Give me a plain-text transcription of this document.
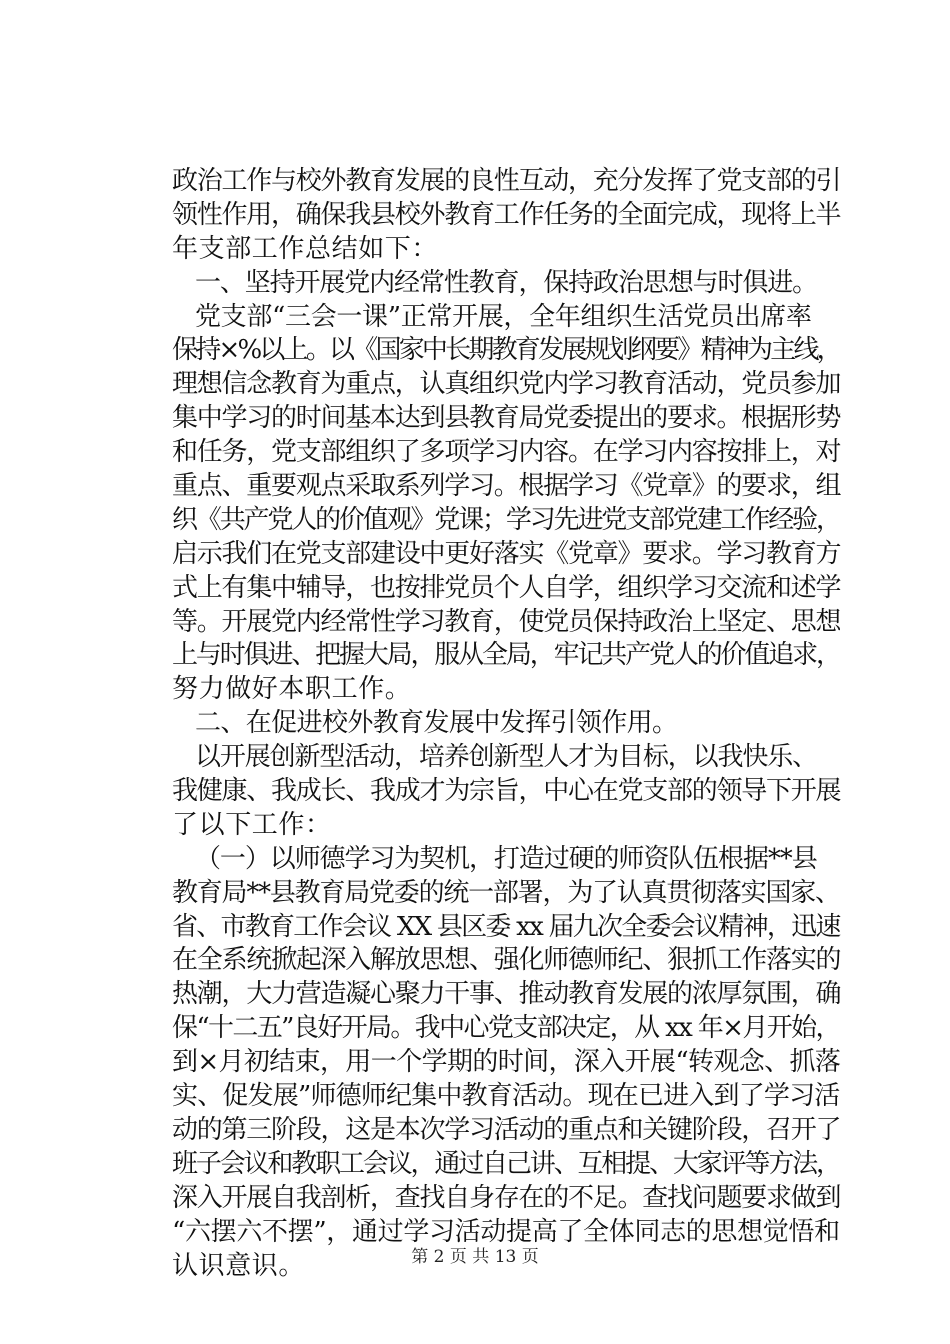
政治工作与校外教育发展的良性互动，充分发挥了党支部的引
领性作用，确保我县校外教育工作任务的全面完成，现将上半
年支部工作总结如下：
一、坚持开展党内经常性教育，保持政治思想与时俱进。
党支部“三会一课”正常开展，全年组织生活党员出席率
保持×%以上。以《国家中长期教育发展规划纲要》精神为主线，
理想信念教育为重点，认真组织党内学习教育活动，党员参加
集中学习的时间基本达到县教育局党委提出的要求。根据形势
和任务，党支部组织了多项学习内容。在学习内容按排上，对
重点、重要观点采取系列学习。根据学习《党章》的要求，组
织《共产党人的价值观》党课；学习先进党支部党建工作经验，
启示我们在党支部建设中更好落实《党章》要求。学习教育方
式上有集中辅导，也按排党员个人自学，组织学习交流和述学
等。开展党内经常性学习教育，使党员保持政治上坚定、思想
上与时俱进、把握大局，服从全局，牢记共产党人的价值追求，
努力做好本职工作。
二、在促进校外教育发展中发挥引领作用。
以开展创新型活动，培养创新型人才为目标，以我快乐、
我健康、我成长、我成才为宗旨，中心在党支部的领导下开展
了以下工作：
（一）以师德学习为契机，打造过硬的师资队伍根据**县
教育局**县教育局党委的统一部署，为了认真贯彻落实国家、
省、市教育工作会议 XX 县区委 xx 届九次全委会议精神，迅速
在全系统掀起深入解放思想、强化师德师纪、狠抓工作落实的
热潮，大力营造凝心聚力干事、推动教育发展的浓厚氛围，确
保“十二五”良好开局。我中心党支部决定，从 xx 年×月开始，
到×月初结束，用一个学期的时间，深入开展“转观念、抓落
实、促发展”师德师纪集中教育活动。现在已进入到了学习活
动的第三阶段，这是本次学习活动的重点和关键阶段，召开了
班子会议和教职工会议，通过自己讲、互相提、大家评等方法，
深入开展自我剖析，查找自身存在的不足。查找问题要求做到
“六摆六不摆”，通过学习活动提高了全体同志的思想觉悟和
认识意识。	第 2 页 共 13 页
